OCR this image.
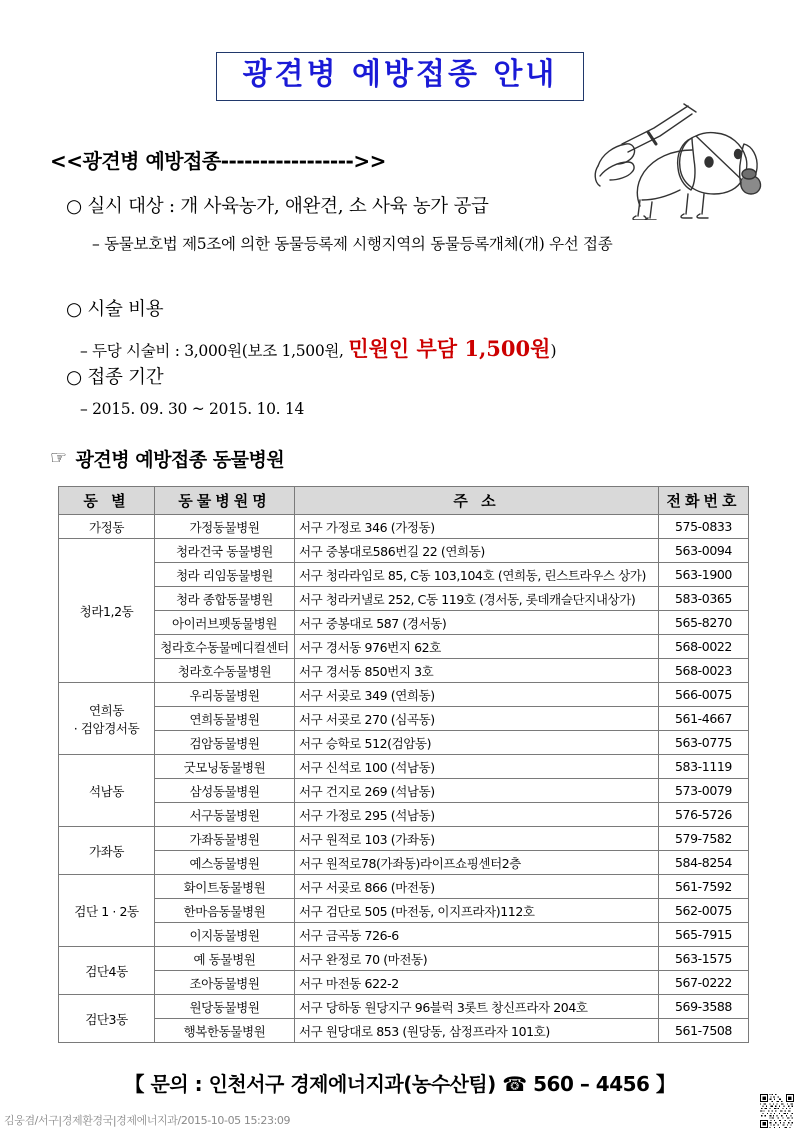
광견병 예방접종 안내
<<광견병 예방접종----------------->>
○ 실시 대상 : 개 사육농가, 애완견, 소 사육 농가 공급
– 동물보호법 제5조에 의한 동물등록제 시행지역의 동물등록개체(개) 우선 접종
○ 시술 비용
– 두당 시술비 : 3,000원(보조 1,500원, 민원인 부담 1,500원)
○ 접종 기간
– 2015. 09. 30 ~ 2015. 10. 14
☞ 광견병 예방접종 동물병원
동 별	동물병원명	주 소	전화번호
가정동	가정동물병원	서구 가정로 346 (가정동)	575-0833
청라1,2동	청라건국 동물병원	서구 중봉대로586번길 22 (연희동)	563-0094
	청라 리임동물병원	서구 청라라임로 85, C동 103,104호 (연희동, 린스트라우스 상가)	563-1900
	청라 종합동물병원	서구 청라커낼로 252, C동 119호 (경서동, 롯데캐슬단지내상가)	583-0365
	아이러브펫동물병원	서구 중봉대로 587 (경서동)	565-8270
	청라호수동물메디컬센터	서구 경서동 976번지 62호	568-0022
	청라호수동물병원	서구 경서동 850번지 3호	568-0023
연희동
· 검암경서동	우리동물병원	서구 서곶로 349 (연희동)	566-0075
	연희동물병원	서구 서곶로 270 (심곡동)	561-4667
	검암동물병원	서구 승학로 512(검암동)	563-0775
석남동	굿모닝동물병원	서구 신석로 100 (석남동)	583-1119
	삼성동물병원	서구 건지로 269 (석남동)	573-0079
	서구동물병원	서구 가정로 295 (석남동)	576-5726
가좌동	가좌동물병원	서구 원적로 103 (가좌동)	579-7582
	예스동물병원	서구 원적로78(가좌동)라이프쇼핑센터2층	584-8254
검단 1 · 2동	화이트동물병원	서구 서곶로 866 (마전동)	561-7592
	한마음동물병원	서구 검단로 505 (마전동, 이지프라자)112호	562-0075
	이지동물병원	서구 금곡동 726-6	565-7915
검단4동	예 동물병원	서구 완정로 70 (마전동)	563-1575
	조아동물병원	서구 마전동 622-2	567-0222
검단3동	원당동물병원	서구 당하동 원당지구 96블럭 3롯트 창신프라자 204호	569-3588
	행복한동물병원	서구 원당대로 853 (원당동, 삼정프라자 101호)	561-7508
【 문의 : 인천서구 경제에너지과(농수산팀) ☎ 560 – 4456 】
김웅겸/서구|경제환경국|경제에너지과/2015-10-05 15:23:09
